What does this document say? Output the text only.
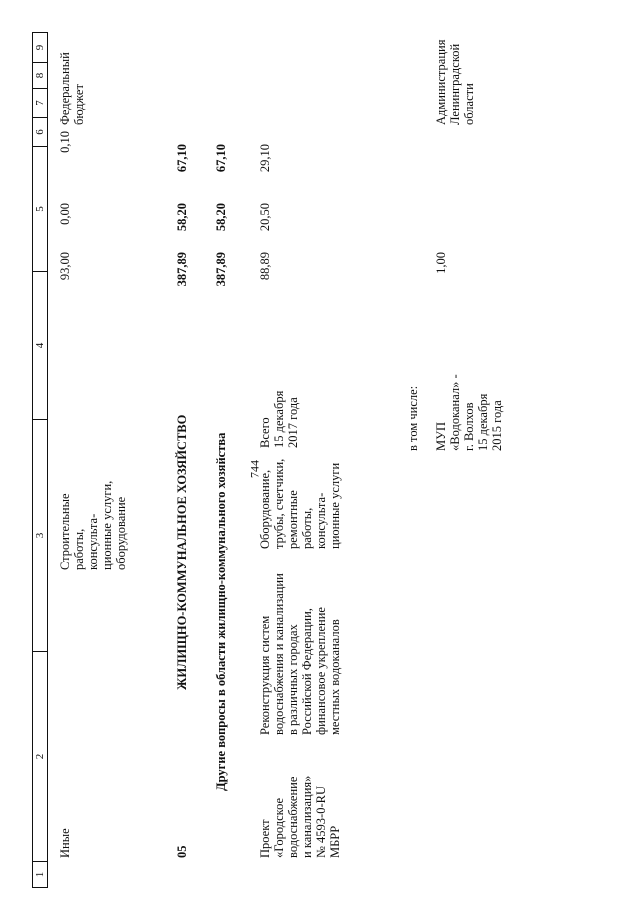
744
1
2
3
4
5
6
7
8
9
Иные
Строительные
работы,
консульта-
ционные услуги,
оборудование
93,00
0,00
0,10
Федеральный
бюджет
05
ЖИЛИЩНО-КОММУНАЛЬНОЕ ХОЗЯЙСТВО
387,89
58,20
67,10
Другие вопросы в области жилищно-коммунального хозяйства
387,89
58,20
67,10
Проект
«Городское
водоснабжение
и канализация»
№ 4593-0-RU
МБРР
Реконструкция систем
водоснабжения и канализации
в различных городах
Российской Федерации,
финансовое укрепление
местных водоканалов
Оборудование,
трубы, счетчики,
ремонтные
работы,
консульта-
ционные услуги
Всего
15 декабря
2017 года
88,89
20,50
29,10
в том числе: МУП
«Водоканал» -
г. Волхов
15 декабря
2015 года
1,00
Администрация
Ленинградской
области
